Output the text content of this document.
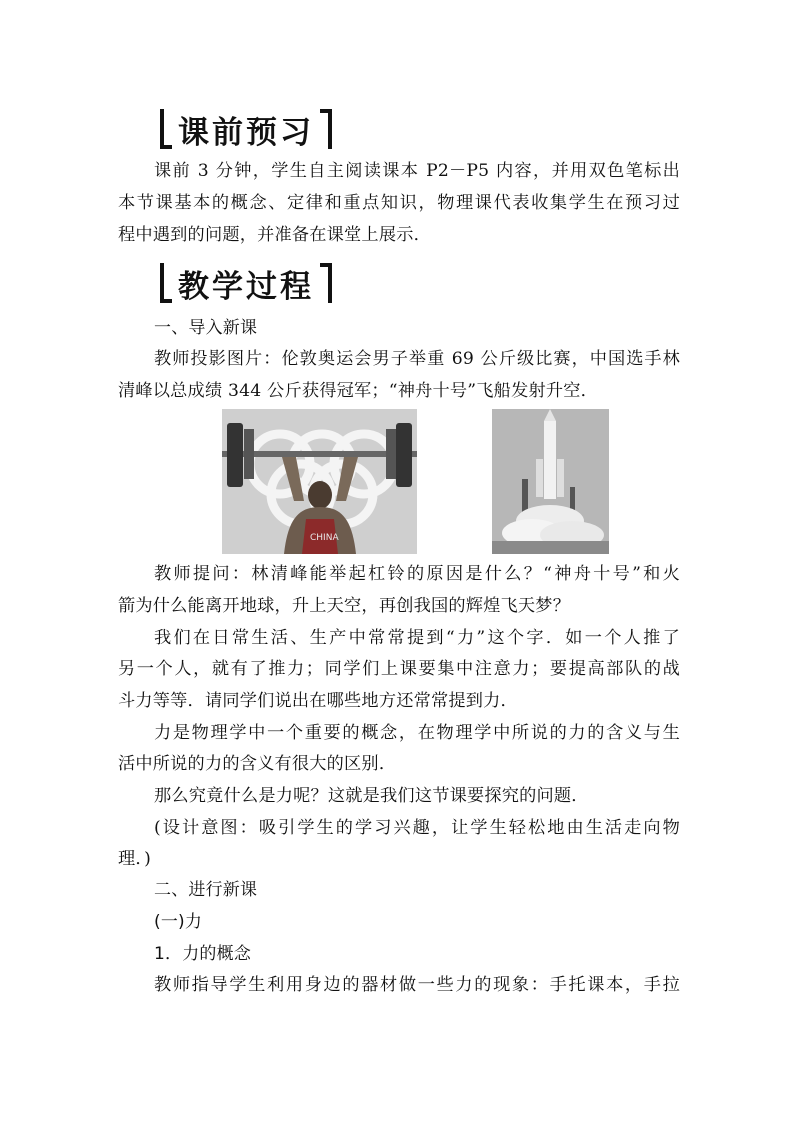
课前预习
课前 3 分钟，学生自主阅读课本 P2－P5 内容，并用双色笔标出
本节课基本的概念、定律和重点知识，物理课代表收集学生在预习过
程中遇到的问题，并准备在课堂上展示．
教学过程
一、导入新课
教师投影图片：伦敦奥运会男子举重 69 公斤级比赛，中国选手林
清峰以总成绩 344 公斤获得冠军；“神舟十号”飞船发射升空．
CHINA
教师提问：林清峰能举起杠铃的原因是什么？“神舟十号”和火
箭为什么能离开地球，升上天空，再创我国的辉煌飞天梦？
我们在日常生活、生产中常常提到“力”这个字．如一个人推了
另一个人，就有了推力；同学们上课要集中注意力；要提高部队的战
斗力等等．请同学们说出在哪些地方还常常提到力．
力是物理学中一个重要的概念，在物理学中所说的力的含义与生
活中所说的力的含义有很大的区别．
那么究竟什么是力呢？这就是我们这节课要探究的问题．
(设计意图：吸引学生的学习兴趣，让学生轻松地由生活走向物
理．)
二、进行新课
(一)力
1．力的概念
教师指导学生利用身边的器材做一些力的现象：手托课本，手拉
